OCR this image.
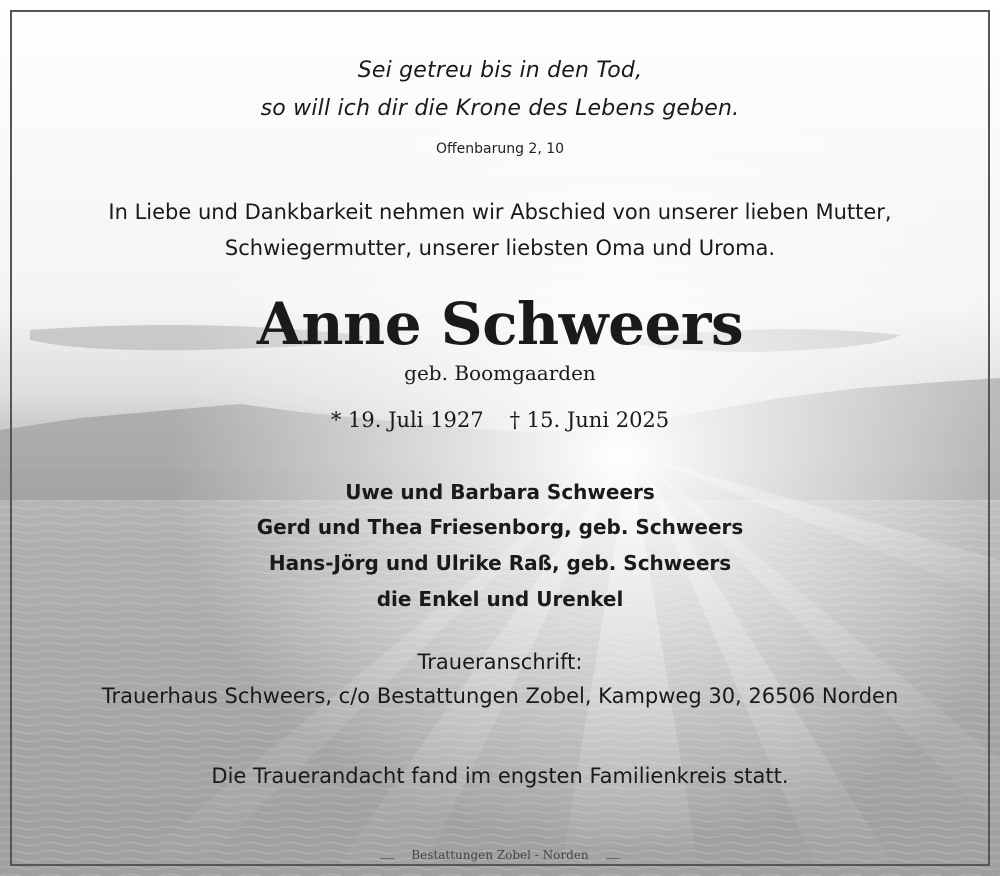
Sei getreu bis in den Tod,
so will ich dir die Krone des Lebens geben.
Offenbarung 2, 10
In Liebe und Dankbarkeit nehmen wir Abschied von unserer lieben Mutter,
Schwiegermutter, unserer liebsten Oma und Uroma.
Anne Schweers
geb. Boomgaarden
* 19. Juli 1927 † 15. Juni 2025
Uwe und Barbara Schweers
Gerd und Thea Friesenborg, geb. Schweers
Hans-Jörg und Ulrike Raß, geb. Schweers
die Enkel und Urenkel
Traueranschrift:
Trauerhaus Schweers, c/o Bestattungen Zobel, Kampweg 30, 26506 Norden
Die Trauerandacht fand im engsten Familienkreis statt.
Bestattungen Zobel - Norden
